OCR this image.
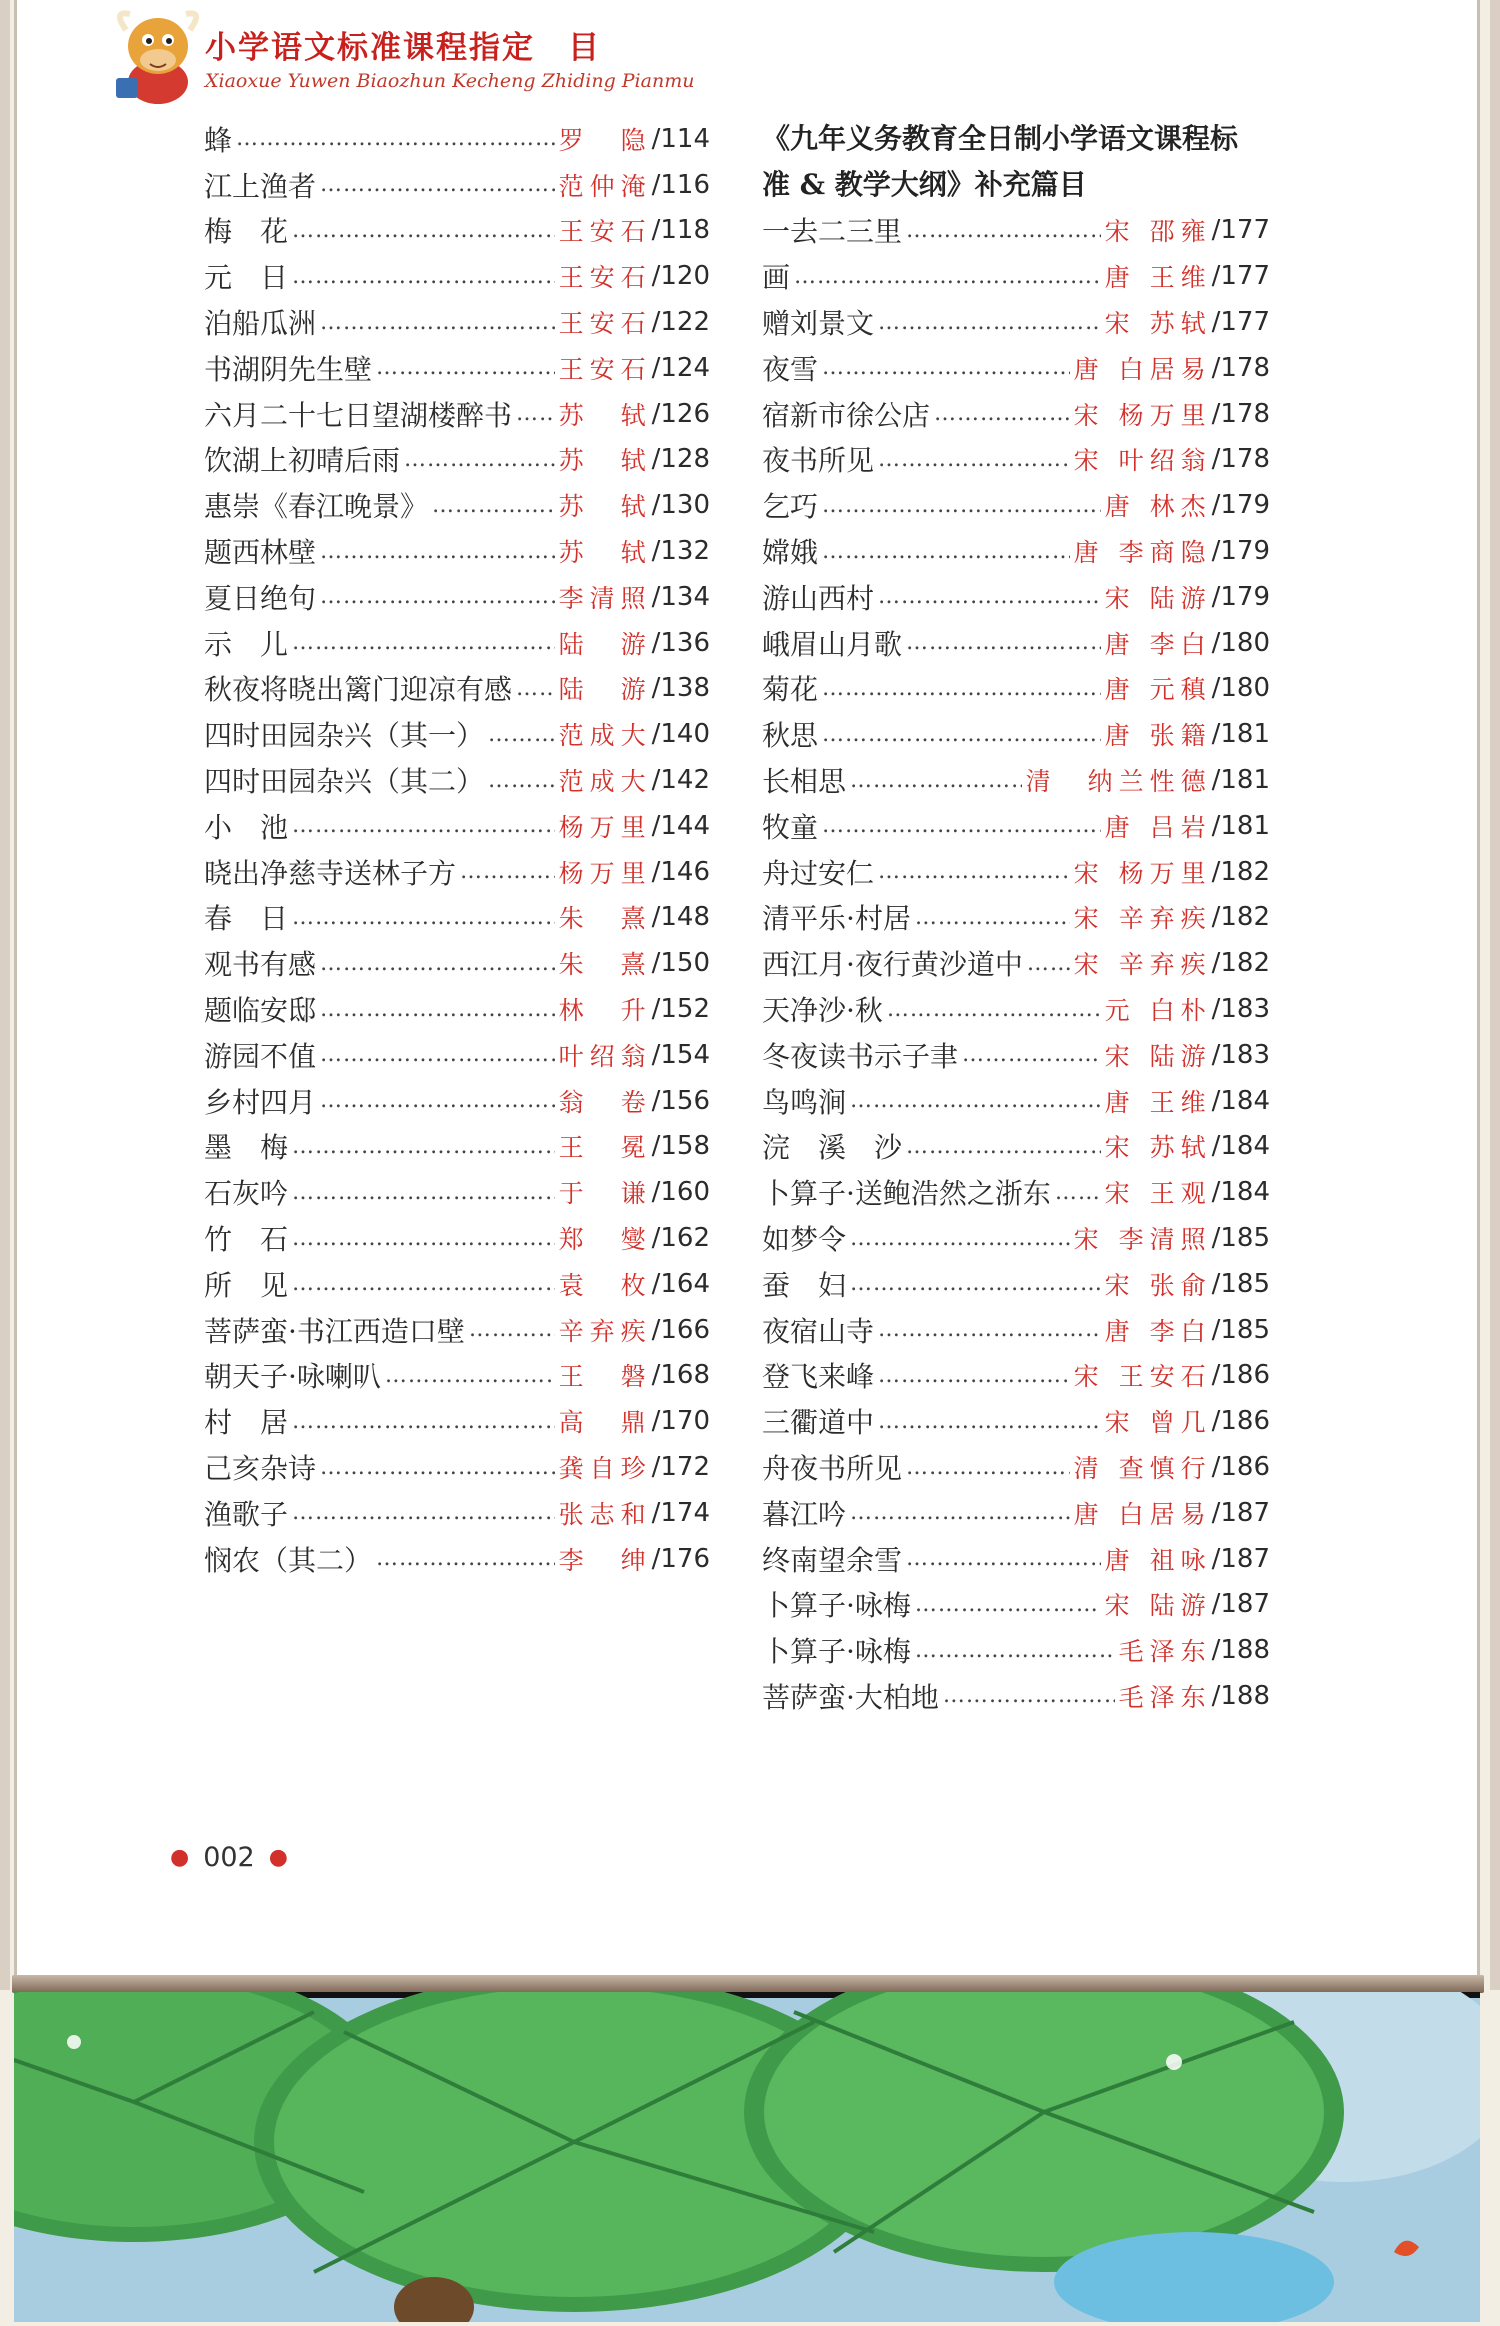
小学语文标准课程指定　目
Xiaoxue Yuwen Biaozhun Kecheng Zhiding Pianmu
蜂 ……………………………………………………………………………………………………………	罗　隐 /114
江上渔者 ……………………………………………………………………………………………………………	范仲淹 /116
梅　花 ……………………………………………………………………………………………………………	王安石 /118
元　日 ……………………………………………………………………………………………………………	王安石 /120
泊船瓜洲 ……………………………………………………………………………………………………………	王安石 /122
书湖阴先生壁 ……………………………………………………………………………………………………………	王安石 /124
六月二十七日望湖楼醉书 …………………………………………………………………………………………………………… 苏　轼 /126
饮湖上初晴后雨 ……………………………………………………………………………………………………………	苏　轼 /128
惠崇《春江晚景》 ……………………………………………………………………………………………………………	苏　轼 /130
题西林壁 ……………………………………………………………………………………………………………	苏　轼 /132
夏日绝句 ……………………………………………………………………………………………………………	李清照 /134
示　儿 ……………………………………………………………………………………………………………	陆　游 /136
秋夜将晓出篱门迎凉有感 …………………………………………………………………………………………………………… 陆　游 /138
四时田园杂兴（其一） ……………………………………………………………………………………………………………	范成大 /140
四时田园杂兴（其二） ……………………………………………………………………………………………………………	范成大 /142
小　池 ……………………………………………………………………………………………………………	杨万里 /144
晓出净慈寺送林子方 ……………………………………………………………………………………………………………	杨万里 /146
春　日 ……………………………………………………………………………………………………………	朱　熹 /148
观书有感 ……………………………………………………………………………………………………………	朱　熹 /150
题临安邸 ……………………………………………………………………………………………………………	林　升 /152
游园不值 ……………………………………………………………………………………………………………	叶绍翁 /154
乡村四月 ……………………………………………………………………………………………………………	翁　卷 /156
墨　梅 ……………………………………………………………………………………………………………	王　冕 /158
石灰吟 ……………………………………………………………………………………………………………	于　谦 /160
竹　石 ……………………………………………………………………………………………………………	郑　燮 /162
所　见 ……………………………………………………………………………………………………………	袁　枚 /164
菩萨蛮·书江西造口壁 ……………………………………………………………………………………………………………	辛弃疾 /166
朝天子·咏喇叭 ……………………………………………………………………………………………………………	王　磐 /168
村　居 ……………………………………………………………………………………………………………	高　鼎 /170
己亥杂诗 ……………………………………………………………………………………………………………	龚自珍 /172
渔歌子 ……………………………………………………………………………………………………………	张志和 /174
悯农（其二） ……………………………………………………………………………………………………………	李　绅 /176
《九年义务教育全日制小学语文课程标
准 & 教学大纲》补充篇目
一去二三里 ……………………………………………………………………………………………………………	宋 邵雍 /177
画 ……………………………………………………………………………………………………………	唐 王维 /177
赠刘景文 ……………………………………………………………………………………………………………	宋 苏轼 /177
夜雪 ……………………………………………………………………………………………………………	唐 白居易 /178
宿新市徐公店 ……………………………………………………………………………………………………………	宋 杨万里 /178
夜书所见 ……………………………………………………………………………………………………………	宋 叶绍翁 /178
乞巧 ……………………………………………………………………………………………………………	唐 林杰 /179
嫦娥 ……………………………………………………………………………………………………………	唐 李商隐 /179
游山西村 ……………………………………………………………………………………………………………	宋 陆游 /179
峨眉山月歌 ……………………………………………………………………………………………………………	唐 李白 /180
菊花 ……………………………………………………………………………………………………………	唐 元稹 /180
秋思 ……………………………………………………………………………………………………………	唐 张籍 /181
长相思 ……………………………………………………………………………………………………………	清　纳兰性德 /181
牧童 ……………………………………………………………………………………………………………	唐 吕岩 /181
舟过安仁 ……………………………………………………………………………………………………………	宋 杨万里 /182
清平乐·村居 ……………………………………………………………………………………………………………	宋 辛弃疾 /182
西江月·夜行黄沙道中 …………………………………………………………………………………………………………… 宋 辛弃疾 /182
天净沙·秋 ……………………………………………………………………………………………………………	元 白朴 /183
冬夜读书示子聿 ……………………………………………………………………………………………………………	宋 陆游 /183
鸟鸣涧 ……………………………………………………………………………………………………………	唐 王维 /184
浣　溪　沙 ……………………………………………………………………………………………………………	宋 苏轼 /184
卜算子·送鲍浩然之浙东 …………………………………………………………………………………………………………… 宋 王观 /184
如梦令 ……………………………………………………………………………………………………………	宋 李清照 /185
蚕　妇 ……………………………………………………………………………………………………………	宋 张俞 /185
夜宿山寺 ……………………………………………………………………………………………………………	唐 李白 /185
登飞来峰 ……………………………………………………………………………………………………………	宋 王安石 /186
三衢道中 ……………………………………………………………………………………………………………	宋 曾几 /186
舟夜书所见 ……………………………………………………………………………………………………………	清 查慎行 /186
暮江吟 ……………………………………………………………………………………………………………	唐 白居易 /187
终南望余雪 ……………………………………………………………………………………………………………	唐 祖咏 /187
卜算子·咏梅 ……………………………………………………………………………………………………………	宋 陆游 /187
卜算子·咏梅 ……………………………………………………………………………………………………………	毛泽东 /188
菩萨蛮·大柏地 ……………………………………………………………………………………………………………	毛泽东 /188
● 002 ●
